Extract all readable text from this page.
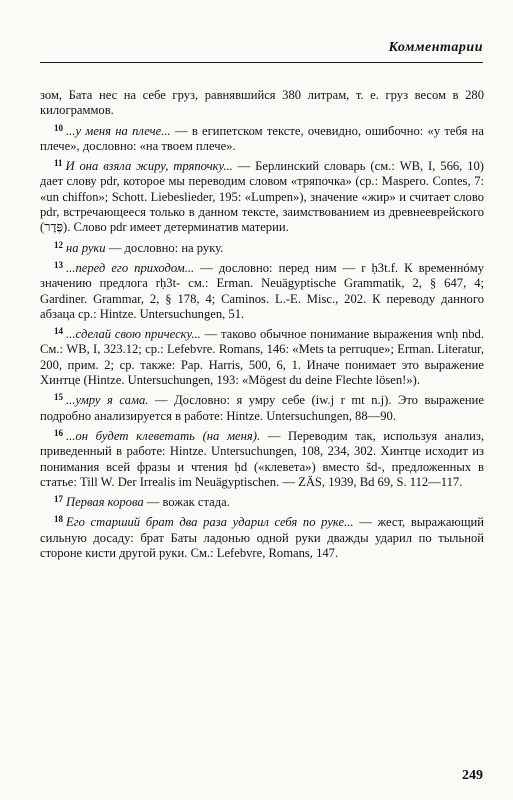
Комментарии

зом, Бата нес на себе груз, равнявшийся 380 литрам, т. е. груз весом в 280 килограммов.

$^{10}$ ...у меня на плече... — в египетском тексте, очевидно, ошибочно: «у тебя на плече», дословно: «на твоем плече».

$^{11}$ И она взяла жиру, тряпочку... — Берлинский словарь (см.: WB, I, 566, 10) дает слову pdr, которое мы переводим словом «тряпочка» (ср.: Maspero. Contes, 7: «un chiffon»; Schott. Liebeslieder, 195: «Lumpen»), значение «жир» и считает слово pdr, встречающееся только в данном тексте, заимствованием из древнееврейского (פֶּדֶר). Слово pdr имеет детерминатив материи.

$^{12}$ на руки — дословно: на руку.

$^{13}$ ...перед его приходом... — дословно: перед ним — r ḥ3t.f. К временнóму значению предлога rḥ3t- см.: Erman. Neuägyptische Grammatik, 2, § 647, 4; Gardiner. Grammar, 2, § 178, 4; Caminos. L.-E. Misc., 202. К переводу данного абзаца ср.: Hintze. Untersuchungen, 51.

$^{14}$ ...сделай свою прическу... — таково обычное понимание выражения wnḥ nbd. См.: WB, I, 323.12; ср.: Lefebvre. Romans, 146: «Mets ta perruque»; Erman. Literatur, 200, прим. 2; ср. также: Pap. Harris, 500, 6, 1. Иначе понимает это выражение Хинтце (Hintze. Untersuchungen, 193: «Mögest du deine Flechte lösen!»).

$^{15}$ ...умру я сама. — Дословно: я умру себе (iw.j r mt n.j). Это выражение подробно анализируется в работе: Hintze. Untersuchungen, 88—90.

$^{16}$ ...он будет клеветать (на меня). — Переводим так, используя анализ, приведенный в работе: Hintze. Untersuchungen, 108, 234, 302. Хинтце исходит из понимания всей фразы и чтения ḥd («клевета») вместо šd-, предложенных в статье: Till W. Der Irrealis im Neuägyptischen. — ZÄS, 1939, Bd 69, S. 112—117.

$^{17}$ Первая корова — вожак стада.

$^{18}$ Его старший брат два раза ударил себя по руке... — жест, выражающий сильную досаду: брат Баты ладонью одной руки дважды ударил по тыльной стороне кисти другой руки. См.: Lefebvre, Romans, 147.

249
